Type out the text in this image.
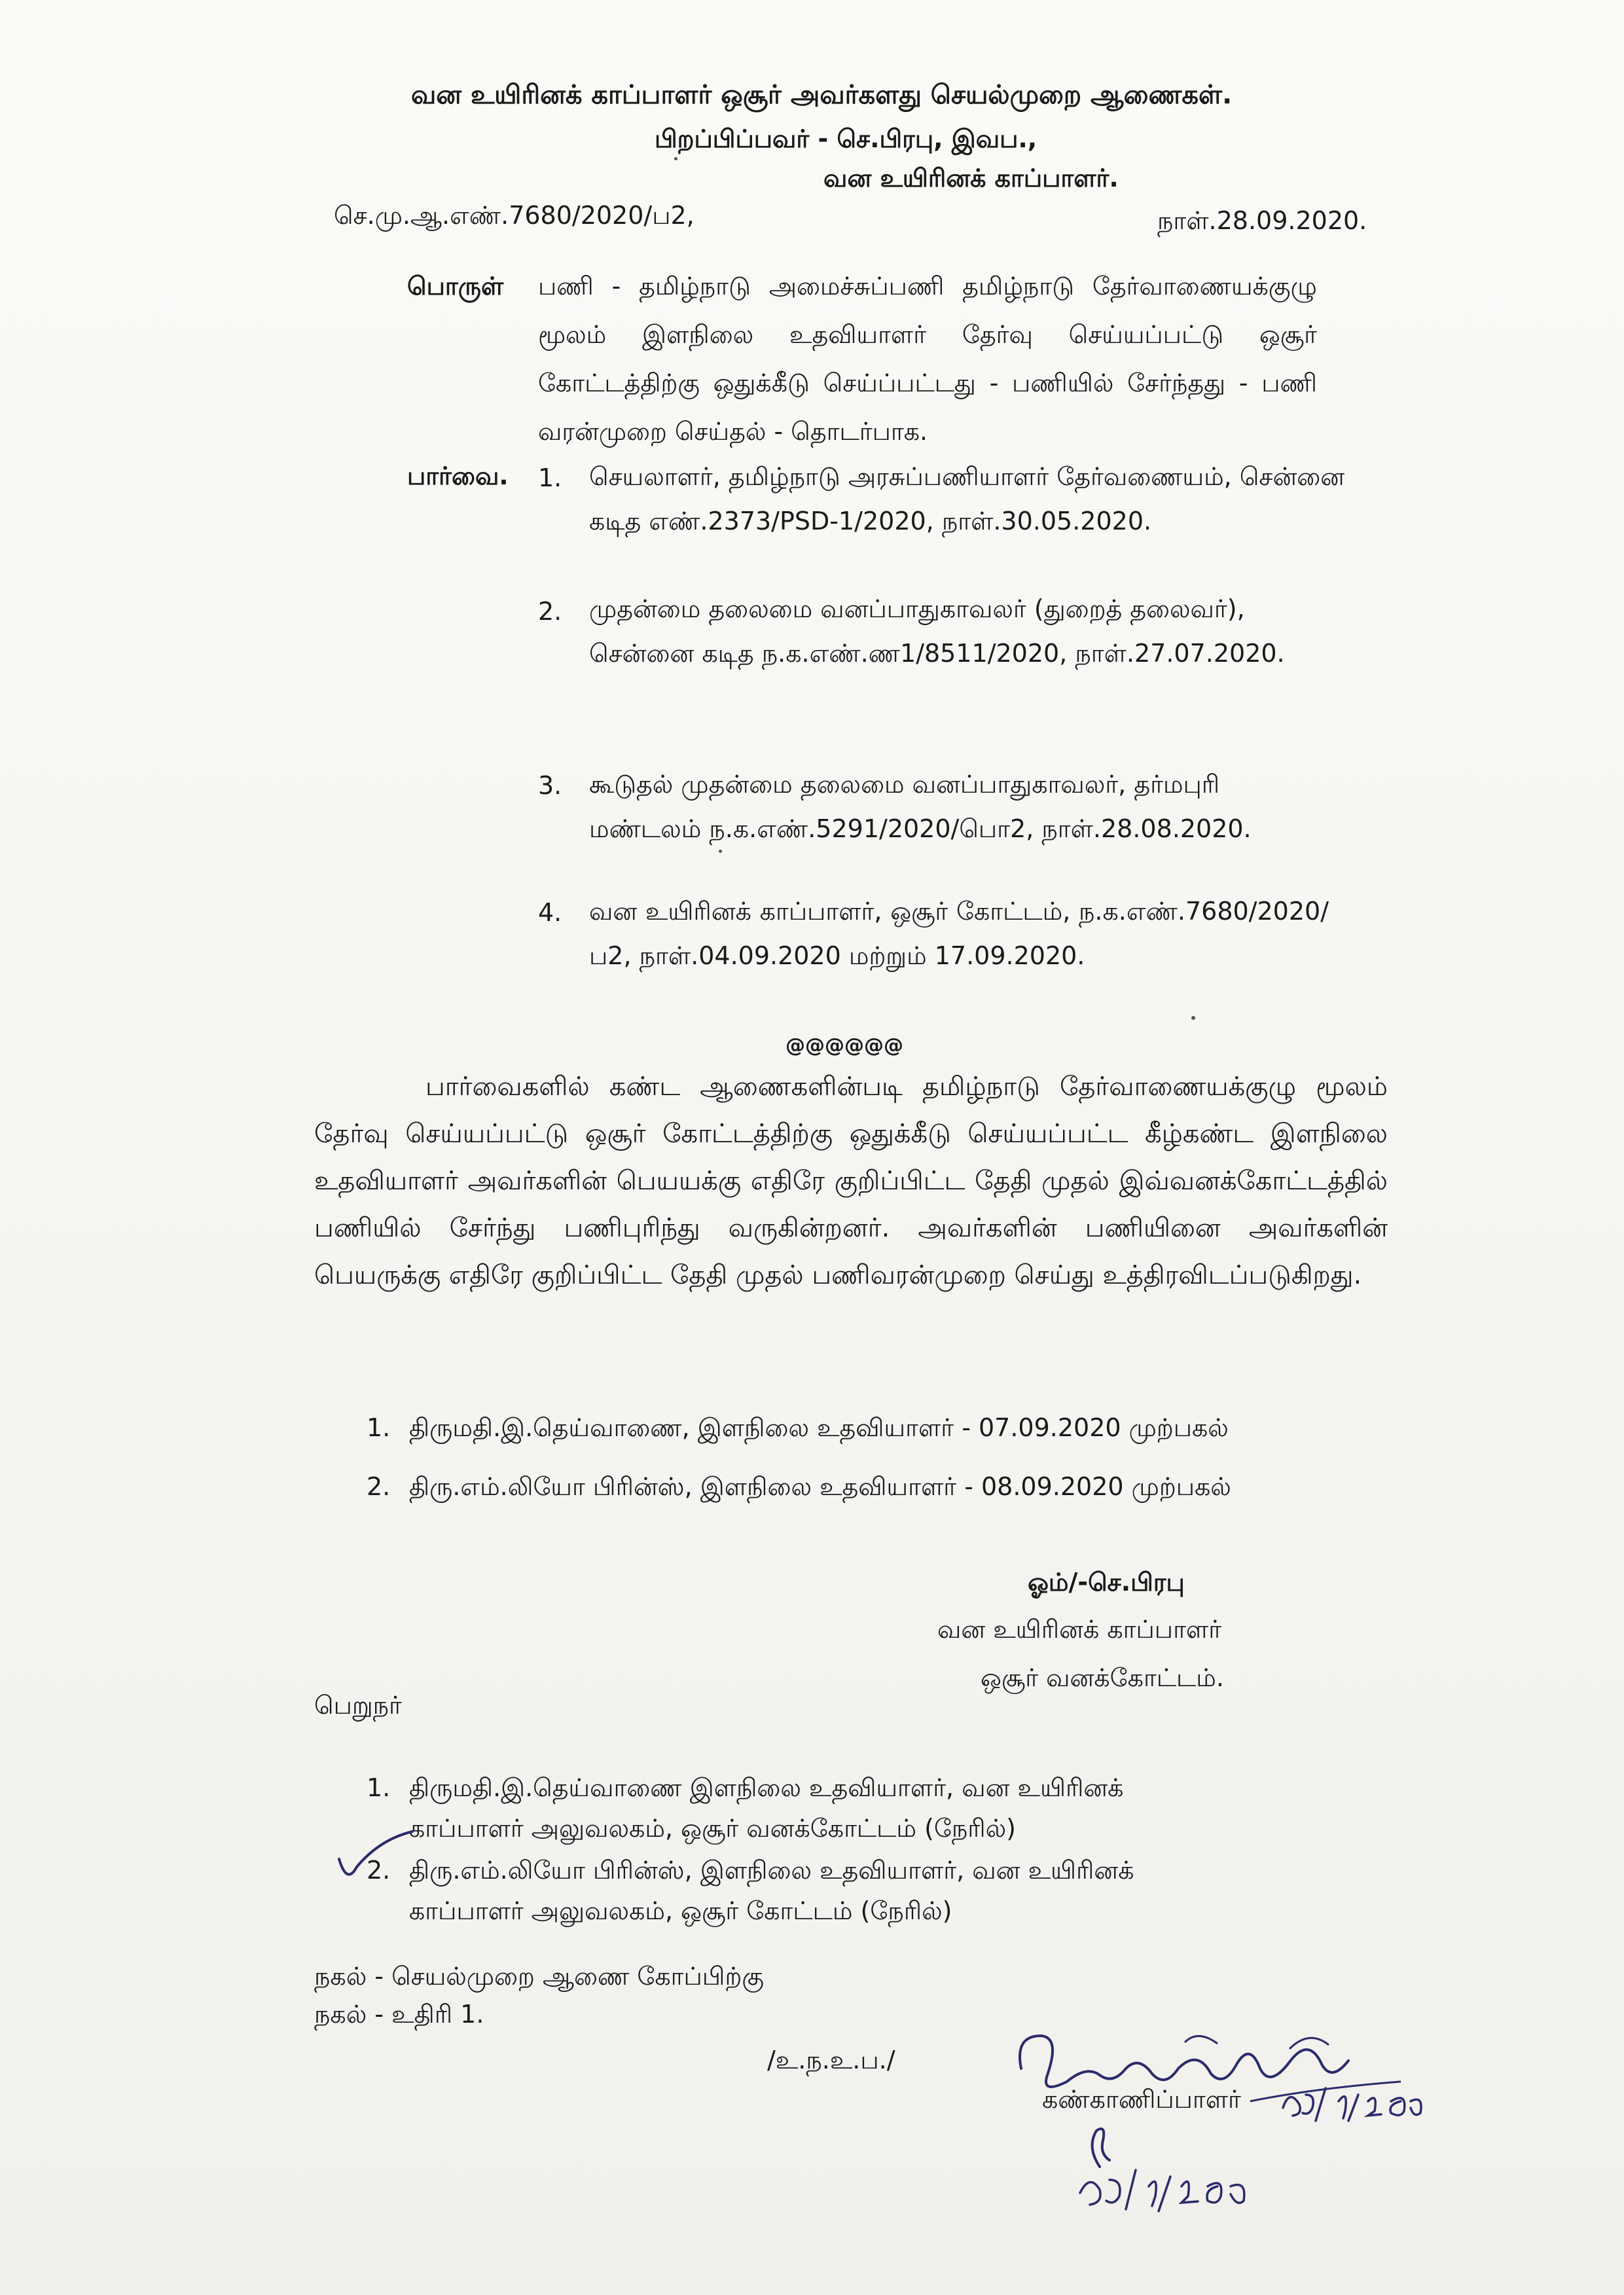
வன உயிரினக் காப்பாளர் ஒசூர் அவர்களது செயல்முறை ஆணைகள்.
பிறப்பிப்பவர் - செ.பிரபு, இவப.,
வன உயிரினக் காப்பாளர்.
செ.மு.ஆ.எண்.7680/2020/ப2,	நாள்.28.09.2020.
பொருள் பணி - தமிழ்நாடு அமைச்சுப்பணி தமிழ்நாடு தேர்வாணையக்குழு மூலம் இளநிலை உதவியாளர் தேர்வு செய்யப்பட்டு ஒசூர் கோட்டத்திற்கு ஒதுக்கீடு செய்ப்பட்டது - பணியில் சேர்ந்தது - பணி வரன்முறை செய்தல் - தொடர்பாக.
பார்வை. 1. செயலாளர், தமிழ்நாடு அரசுப்பணியாளர் தேர்வணையம், சென்னை கடித எண்.2373/PSD-1/2020, நாள்.30.05.2020.
2. முதன்மை தலைமை வனப்பாதுகாவலர் (துறைத் தலைவர்), சென்னை கடித ந.க.எண்.ண1/8511/2020, நாள்.27.07.2020.
3. கூடுதல் முதன்மை தலைமை வனப்பாதுகாவலர், தர்மபுரி மண்டலம் ந.க.எண்.5291/2020/பொ2, நாள்.28.08.2020.
4. வன உயிரினக் காப்பாளர், ஒசூர் கோட்டம், ந.க.எண்.7680/2020/ப2, நாள்.04.09.2020 மற்றும் 17.09.2020.
@@@@@@
பார்வைகளில் கண்ட ஆணைகளின்படி தமிழ்நாடு தேர்வாணையக்குழு மூலம் தேர்வு செய்யப்பட்டு ஒசூர் கோட்டத்திற்கு ஒதுக்கீடு செய்யப்பட்ட கீழ்கண்ட இளநிலை உதவியாளர் அவர்களின் பெயயக்கு எதிரே குறிப்பிட்ட தேதி முதல் இவ்வனக்கோட்டத்தில் பணியில் சேர்ந்து பணிபுரிந்து வருகின்றனர். அவர்களின் பணியினை அவர்களின் பெயருக்கு எதிரே குறிப்பிட்ட தேதி முதல் பணிவரன்முறை செய்து உத்திரவிடப்படுகிறது.
1. திருமதி.இ.தெய்வாணை, இளநிலை உதவியாளர் - 07.09.2020 முற்பகல்
2. திரு.எம்.லியோ பிரின்ஸ், இளநிலை உதவியாளர் - 08.09.2020 முற்பகல்
ஓம்/-செ.பிரபு
வன உயிரினக் காப்பாளர்
ஒசூர் வனக்கோட்டம்.
பெறுநர்
1. திருமதி.இ.தெய்வாணை இளநிலை உதவியாளர், வன உயிரினக்
காப்பாளர் அலுவலகம், ஒசூர் வனக்கோட்டம் (நேரில்)
2. திரு.எம்.லியோ பிரின்ஸ், இளநிலை உதவியாளர், வன உயிரினக்
காப்பாளர் அலுவலகம், ஒசூர் கோட்டம் (நேரில்)
நகல் - செயல்முறை ஆணை கோப்பிற்கு
நகல் - உதிரி 1.
/உ.ந.உ.ப./
கண்காணிப்பாளர்
